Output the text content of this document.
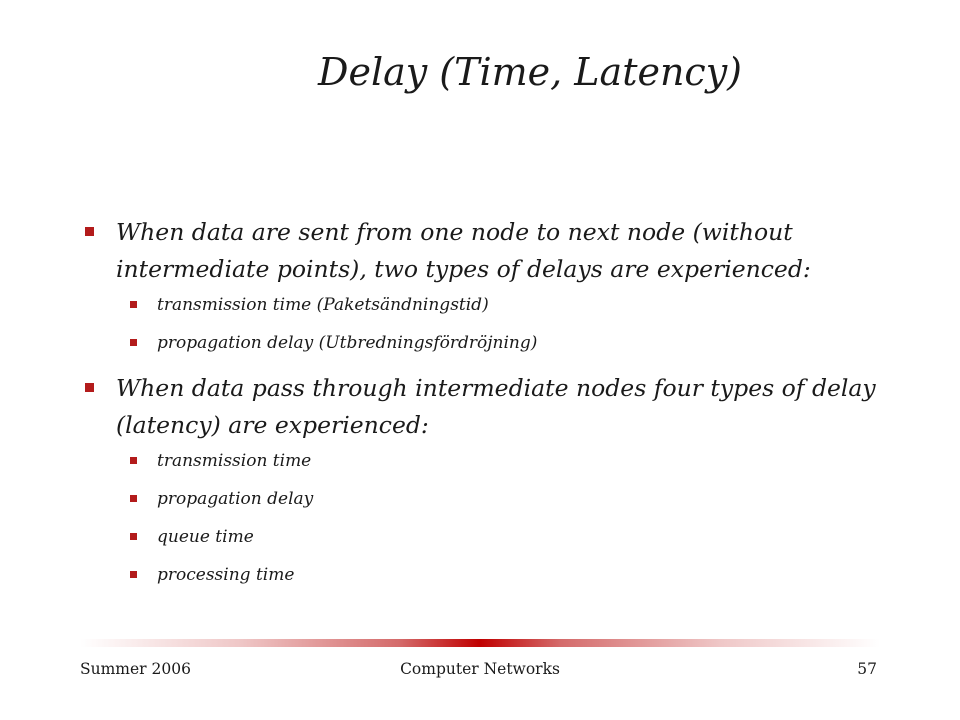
Delay (Time, Latency)
When data are sent from one node to next node (without intermediate points), two types of delays are experienced:
transmission time (Paketsändningstid)
propagation delay (Utbredningsfördröjning)
When data pass through intermediate nodes four types of delay (latency) are experienced:
transmission time
propagation delay
queue time
processing time
Summer 2006	Computer Networks	57
